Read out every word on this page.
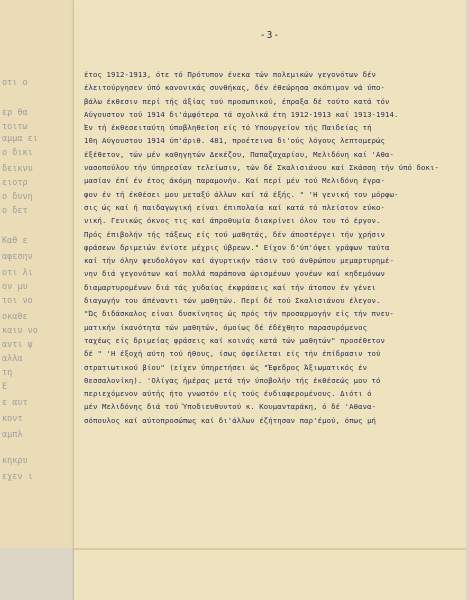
οτι ο
ερ θα
τοιτω
αμμα ει
ο δικι
δεικνυ
ειοτρ
ο δυνη
ο δετ
Καθ ε
αφεσην
οτι λι
ον μυ
τοι νο
οκαθε
καιυ νο
αντι ψ
αλλα
τη
Ε
ε αυτ
κοντ
αμπλ
κηκρυ
εχεν ι
-3-
έτος 1912-1913, ότε τό Πρότυπον ένεκα τών πολεμικών γεγονότων δέν
έλειτούργησεν ύπό κανονικάς συνθήκας, δέν έθεώρησα σκόπιμον νά ύπο-
βάλω έκθεσιν περί τής άξίας τού προσωπικού, έπραξα δέ τούτο κατά τόν
Αύγουστον τού 1914 δι'άμφότερα τά σχολικά έτη 1912-1913 καί 1913-1914.
Έν τή έκθεσειταύτη ύποβληθείση είς τό Υπουργείον τής Παιδείας τή
10η Αύγουστου 1914 ύπ'άριθ. 481, προέτεινα δι'ούς λόγους λεπτομερώς
έξέθετον, τών μέν καθηγητών Δεκέζου, Παπαζαχαρίου, Μελιδόνη καί 'Αθα-
νασοπούλου τήν ύπηρεσίαν τελείωσιν, τών δέ Σκαλισιάνου καί Σκάσση τήν ύπό δοκι-
μασίαν έπί έν έτος άκόμη παραμονήν. Καί περί μέν τού Μελιδόνη έγρα-
φον έν τή έκθέσει μου μεταξύ άλλων καί τά έξής. " 'Η γενική του μόρφω-
σις ώς καί ή παιδαγωγική είναι έπιπολαία καί κατά τό πλείστον εύκο-
νική. Γενικώς όκνος τις καί άπροθυμία διακρίνει όλον του τό έργον.
Πρός έπιβολήν τής τάξεως είς τού μαθητάς, δέν άποστέργει τήν χρήσιν
φράσεων δριμειών ένίοτε μέχρις ύβρεων." Είχον δ'ύπ'όψει γράφων ταύτα
καί τήν όλην ψευδολόγον καί άγυρτικήν τάσιν τού άνθρώπου μεμαρτυρημέ-
νην διά γεγονότων καί πολλά παράπονα ώρισμένων γονέων καί κηδεμόνων
διαμαρτυρομένων διά τάς χυδαίας έκφράσεις καί τήν άτοπον έν γένει
διαγωγήν του άπέναντι τών μαθητών. Περί δέ τού Σκαλισιάνου έλεγον.
"Ώς διδάσκαλος είναι δυσκίνητος ώς πρός τήν προσαρμογήν είς τήν πνευ-
ματικήν ίκανότητα τών μαθητών, όμοίως δέ έδέχθητο παρασυρόμενος
ταχέως είς δριμείας φράσεις καί κοινάς κατά τών μαθητών" προσέθετον
δέ " 'Η έξοχή αύτη τού ήθους, ίσως όφείλεται είς τήν έπίδρασιν τού
στρατιωτικού βίου" (είχεν ύπηρετήσει ώς "Έφεδρος Άξιωματικός έν
Θεσσαλονίκη). 'Ολίγας ήμέρας μετά τήν ύποβολήν τής έκθέσεώς μου τό
περιεχόμενον αύτής ήτο γνωστόν είς τούς ένδιαφερομένους. Διότι ό
μέν Μελιδόνης διά τού Ύποδιευθυντού κ. Κουμανταράκη, ό δέ 'Αθανα-
σόπουλος καί αύτοπροσώπως καί δι'άλλων έζήτησαν παρ'έμού, όπως μή
